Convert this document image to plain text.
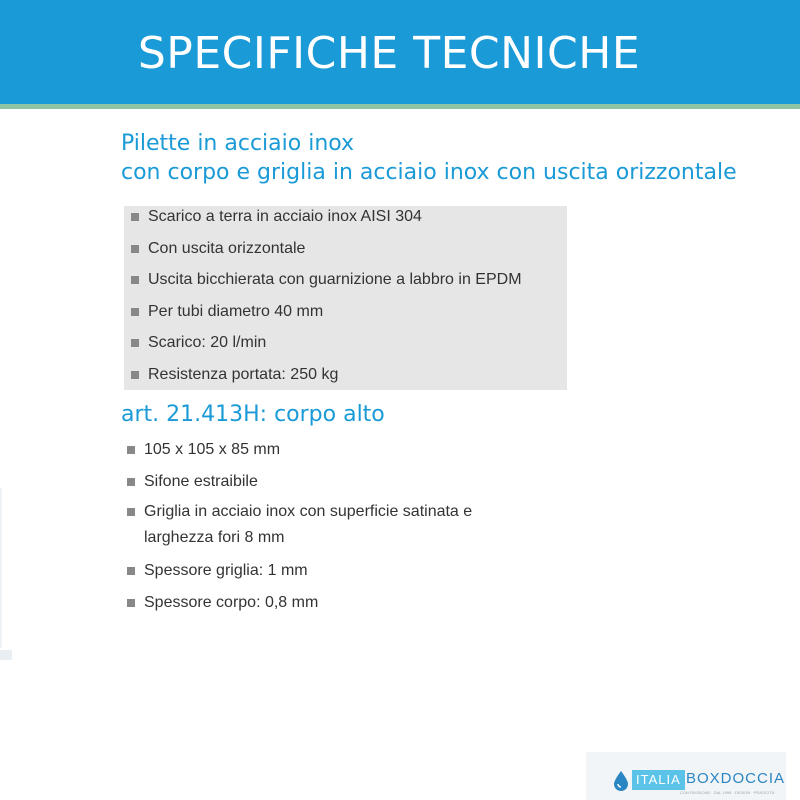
SPECIFICHE TECNICHE
Pilette in acciaio inox
con corpo e griglia in acciaio inox con uscita orizzontale
Scarico a terra in acciaio inox AISI 304
Con uscita orizzontale
Uscita bicchierata con guarnizione a labbro in EPDM
Per tubi diametro 40 mm
Scarico: 20 l/min
Resistenza portata: 250 kg
art. 21.413H: corpo alto
105 x 105 x 85 mm
Sifone estraibile
Griglia in acciaio inox con superficie satinata e larghezza fori 8 mm
Spessore griglia: 1 mm
Spessore corpo: 0,8 mm
ITALIA BOXDOCCIA
CON PASSIONE · DAL 1998 · DESIGN · PRATICITÀ
